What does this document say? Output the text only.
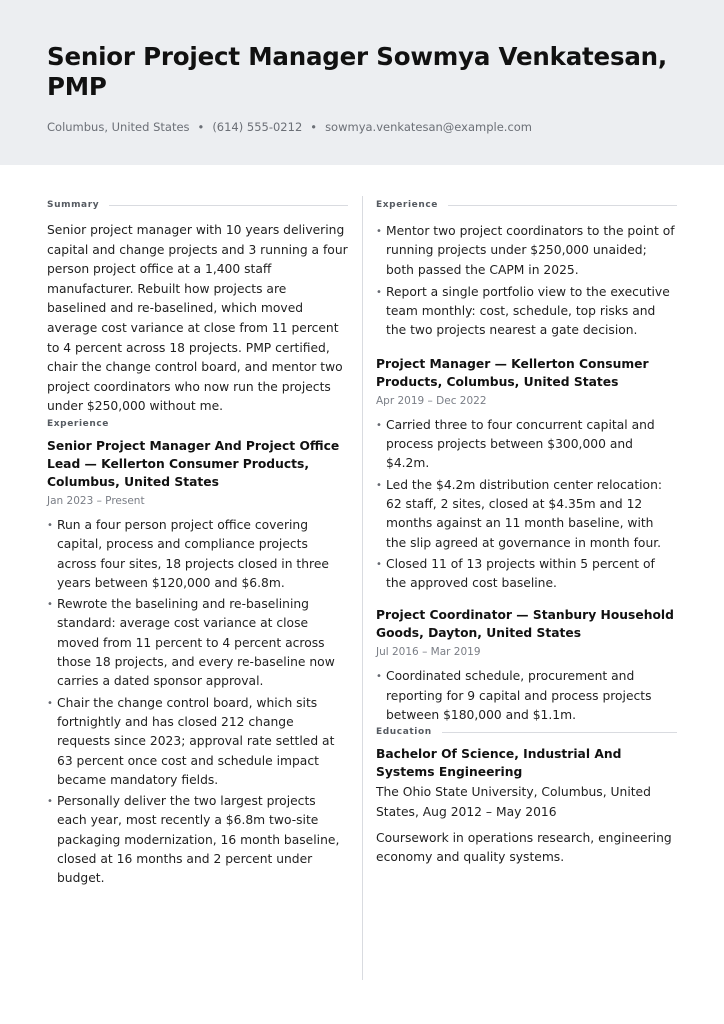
Senior Project Manager Sowmya Venkatesan, PMP
Columbus, United States • (614) 555-0212 • sowmya.venkatesan@example.com
Summary

Senior project manager with 10 years delivering capital and change projects and 3 running a four person project office at a 1,400 staff manufacturer. Rebuilt how projects are baselined and re-baselined, which moved average cost variance at close from 11 percent to 4 percent across 18 projects. PMP certified, chair the change control board, and mentor two project coordinators who now run the projects under $250,000 without me.

Experience
Senior Project Manager And Project Office Lead — Kellerton Consumer Products, Columbus, United States
Jan 2023 – Present
• Run a four person project office covering capital, process and compliance projects across four sites, 18 projects closed in three years between $120,000 and $6.8m.
• Rewrote the baselining and re-baselining standard: average cost variance at close moved from 11 percent to 4 percent across those 18 projects, and every re-baseline now carries a dated sponsor approval.
• Chair the change control board, which sits fortnightly and has closed 212 change requests since 2023; approval rate settled at 63 percent once cost and schedule impact became mandatory fields.
• Personally deliver the two largest projects each year, most recently a $6.8m two-site packaging modernization, 16 month baseline, closed at 16 months and 2 percent under budget.
Experience
• Mentor two project coordinators to the point of running projects under $250,000 unaided; both passed the CAPM in 2025.
• Report a single portfolio view to the executive team monthly: cost, schedule, top risks and the two projects nearest a gate decision.
Project Manager — Kellerton Consumer Products, Columbus, United States
Apr 2019 – Dec 2022
• Carried three to four concurrent capital and process projects between $300,000 and $4.2m.
• Led the $4.2m distribution center relocation: 62 staff, 2 sites, closed at $4.35m and 12 months against an 11 month baseline, with the slip agreed at governance in month four.
• Closed 11 of 13 projects within 5 percent of the approved cost baseline.
Project Coordinator — Stanbury Household Goods, Dayton, United States
Jul 2016 – Mar 2019
• Coordinated schedule, procurement and reporting for 9 capital and process projects between $180,000 and $1.1m.
Education
Bachelor Of Science, Industrial And Systems Engineering
The Ohio State University, Columbus, United States, Aug 2012 – May 2016
Coursework in operations research, engineering economy and quality systems.
